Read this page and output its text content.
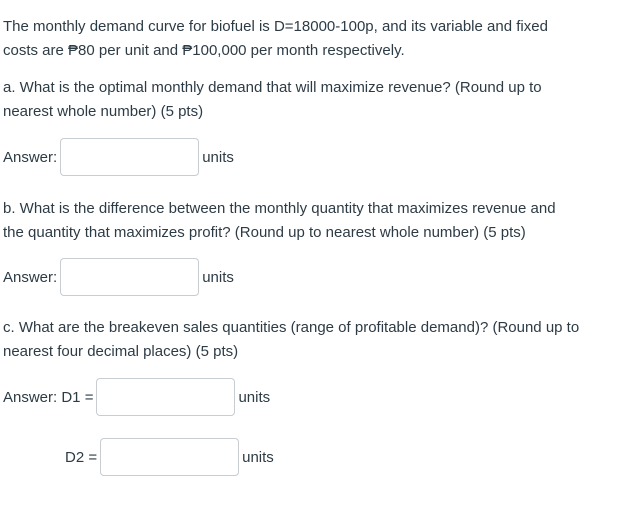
The monthly demand curve for biofuel is D=18000-100p, and its variable and fixed
costs are ₱80 per unit and ₱100,000 per month respectively.
a. What is the optimal monthly demand that will maximize revenue? (Round up to
nearest whole number) (5 pts)
Answer:	units
b. What is the difference between the monthly quantity that maximizes revenue and
the quantity that maximizes profit? (Round up to nearest whole number) (5 pts)
Answer:	units
c. What are the breakeven sales quantities (range of profitable demand)? (Round up to
nearest four decimal places) (5 pts)
Answer: D1 =	units
D2 =	units
